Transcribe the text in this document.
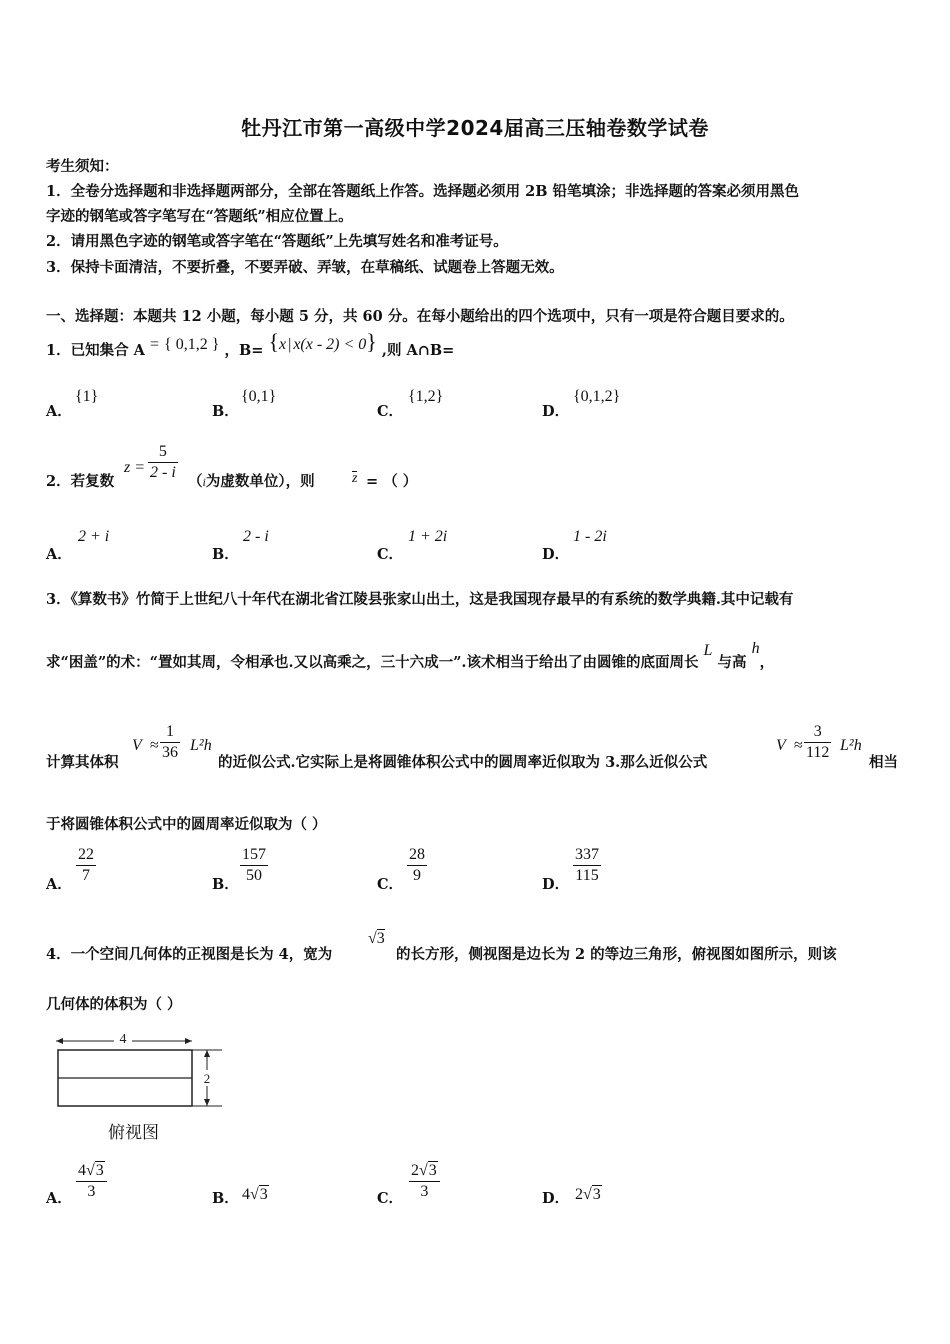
牡丹江市第一高级中学2024届高三压轴卷数学试卷
考生须知：
1．全卷分选择题和非选择题两部分，全部在答题纸上作答。选择题必须用 2B 铅笔填涂；非选择题的答案必须用黑色
字迹的钢笔或答字笔写在“答题纸”相应位置上。
2．请用黑色字迹的钢笔或答字笔在“答题纸”上先填写姓名和准考证号。
3．保持卡面清洁，不要折叠，不要弄破、弄皱，在草稿纸、试题卷上答题无效。
一、选择题：本题共 12 小题，每小题 5 分，共 60 分。在每小题给出的四个选项中，只有一项是符合题目要求的。
1．已知集合 A = { 0,1,2 } ，B= {x | x(x - 2) < 0} ,则 A∩B=
A．
{1}
B．
{0,1}
C．
{1,2}
D．
{0,1,2}
2．若复数
$z = \frac{5}{2 - i} (i$为虚数单位），则	z = （ ）
A．
2 + i
B．
2 - i
C．
1 + 2i
D．
1 - 2i
3．《算数书》竹简于上世纪八十年代在湖北省江陵县张家山出土，这是我国现存最早的有系统的数学典籍.其中记载有
求“困盖”的术：“置如其周，令相承也.又以高乘之，三十六成一”.该术相当于给出了由圆锥的底面周长 L 与高 h，
计算其体积
$V \approx \frac{1}{36} L^2h$
的近似公式.它实际上是将圆锥体积公式中的圆周率近似取为 3.那么近似公式
$V \approx \frac{3}{112} L^2h$
相当
于将圆锥体积公式中的圆周率近似取为（ ）
A． $\frac{22}{7}$	B． $\frac{157}{50}$	C． $\frac{28}{9}$	D． $\frac{337}{115}$
4．一个空间几何体的正视图是长为 4，宽为
√3
的长方形，侧视图是边长为 2 的等边三角形，俯视图如图所示，则该
几何体的体积为（ ）
4
2
俯视图
A． $\frac{4√3}{3}$	B． 4√3	C． $\frac{2√3}{3}$	D． 2√3
